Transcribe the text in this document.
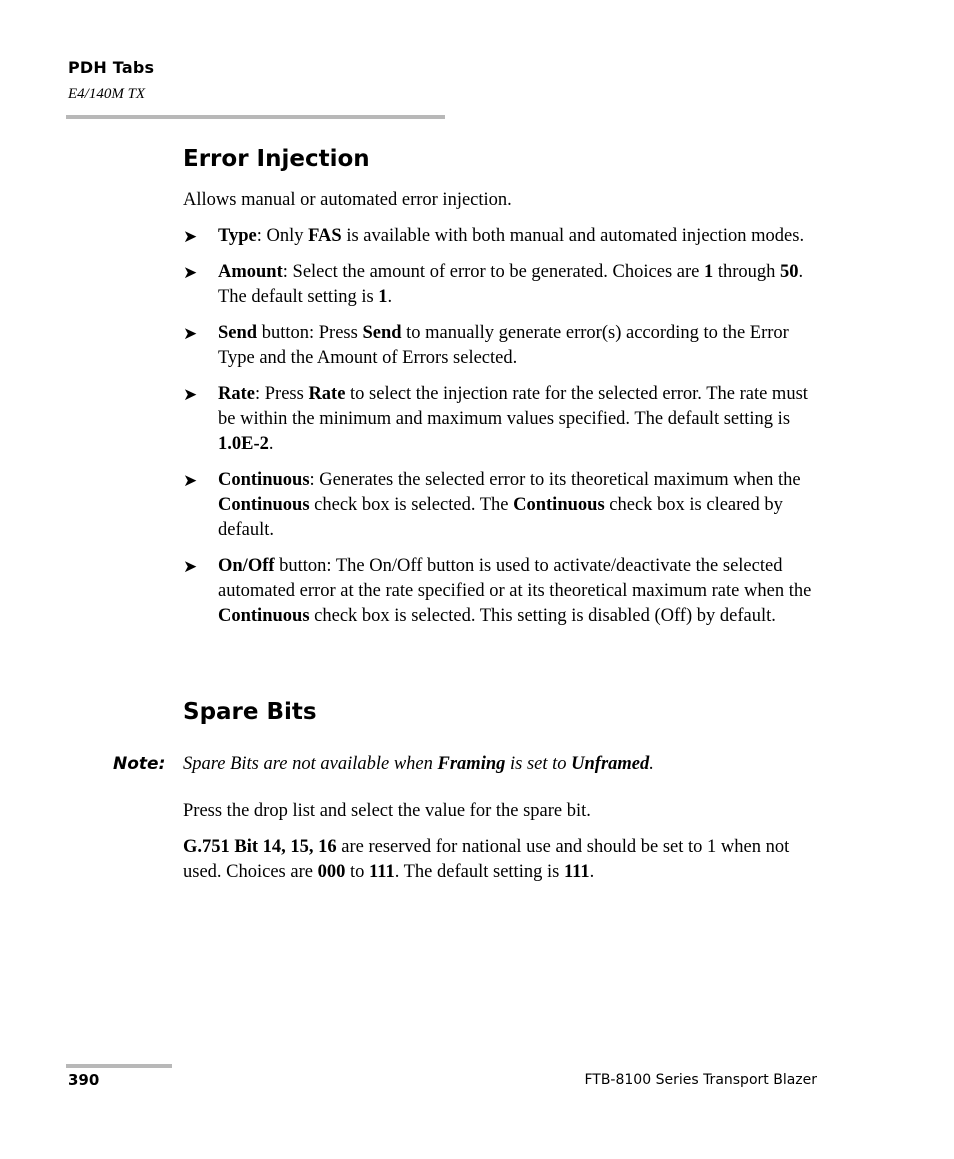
PDH Tabs
E4/140M TX
Error Injection

Allows manual or automated error injection.

➤ Type: Only FAS is available with both manual and automated injection modes.
➤ Amount: Select the amount of error to be generated. Choices are 1 through 50. The default setting is 1.
➤ Send button: Press Send to manually generate error(s) according to the Error Type and the Amount of Errors selected.
➤ Rate: Press Rate to select the injection rate for the selected error. The rate must be within the minimum and maximum values specified. The default setting is 1.0E-2.
➤ Continuous: Generates the selected error to its theoretical maximum when the Continuous check box is selected. The Continuous check box is cleared by default.
➤ On/Off button: The On/Off button is used to activate/deactivate the selected automated error at the rate specified or at its theoretical maximum rate when the Continuous check box is selected. This setting is disabled (Off) by default.
Spare Bits
Note: Spare Bits are not available when Framing is set to Unframed.

Press the drop list and select the value for the spare bit.

G.751 Bit 14, 15, 16 are reserved for national use and should be set to 1 when not used. Choices are 000 to 111. The default setting is 111.

390	FTB-8100 Series Transport Blazer
